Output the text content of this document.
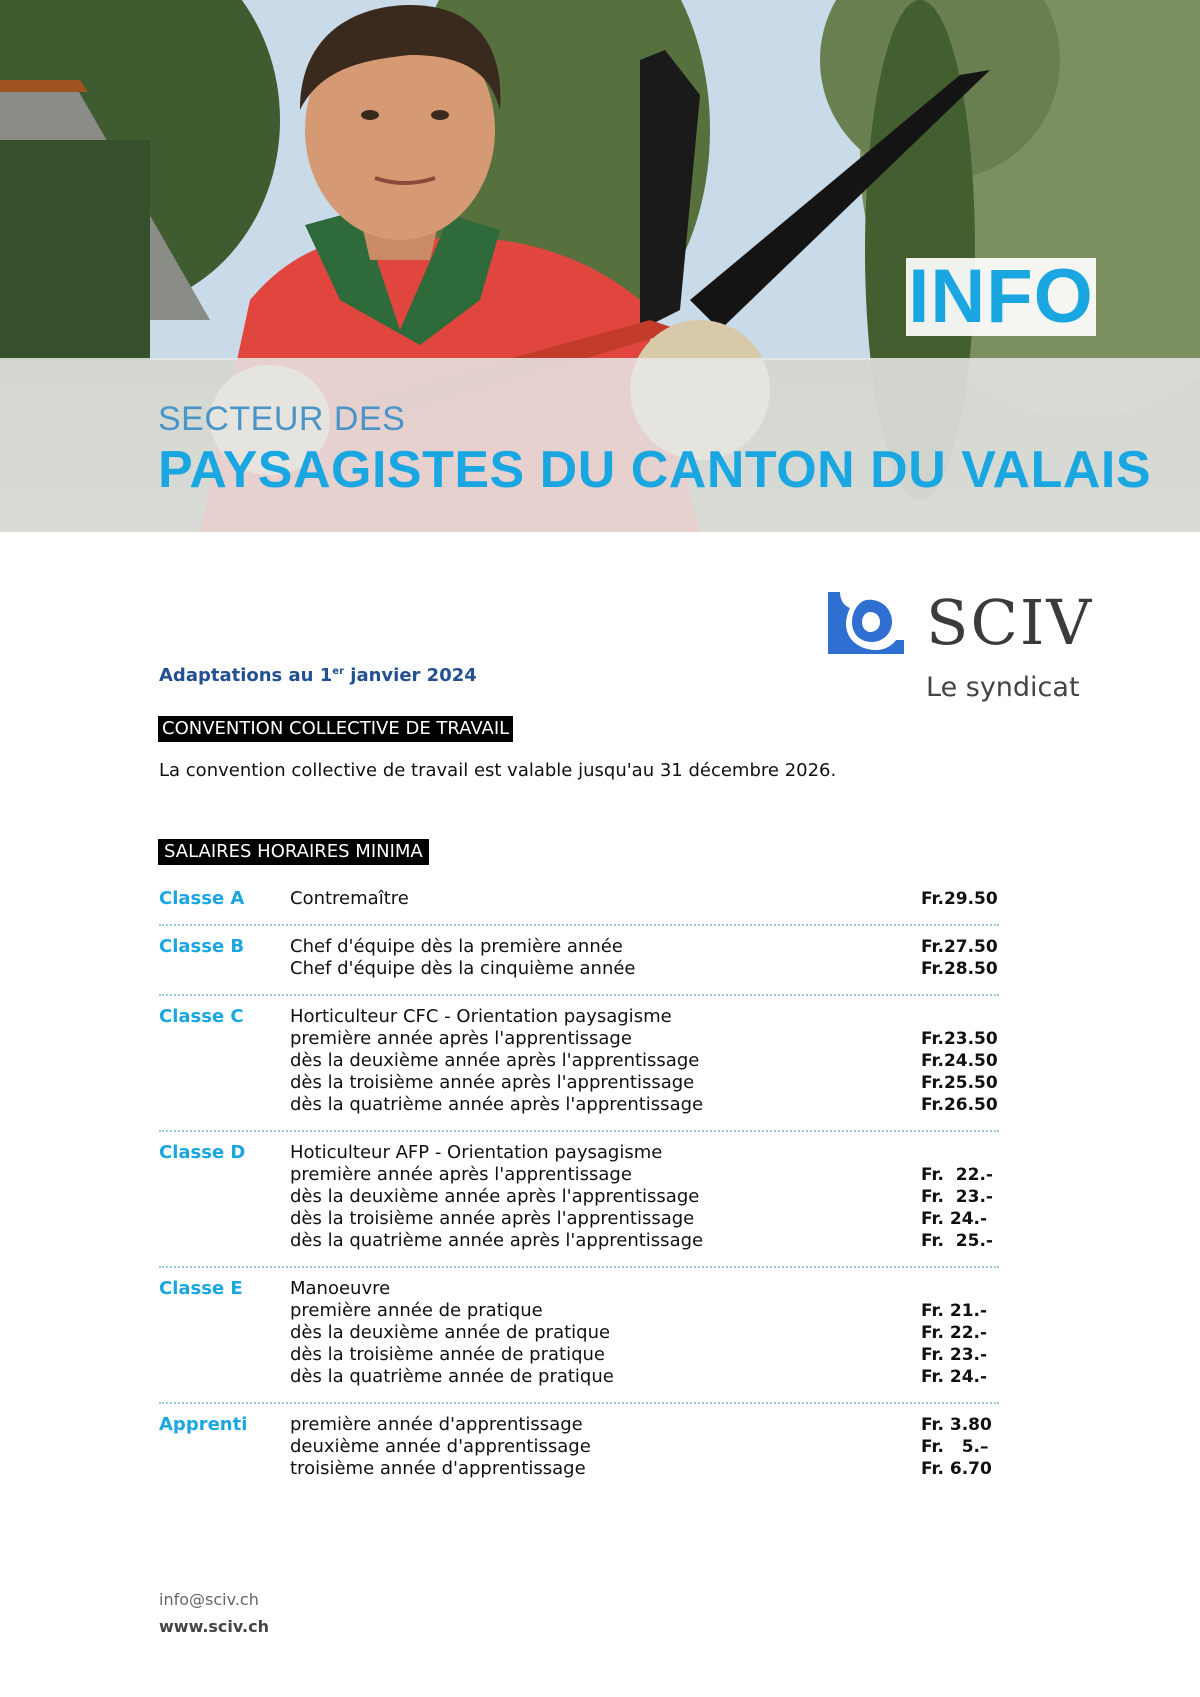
INFO
SECTEUR DES
PAYSAGISTES DU CANTON DU VALAIS
SCIV
Le syndicat
Adaptations au 1er janvier 2024
CONVENTION COLLECTIVE DE TRAVAIL
La convention collective de travail est valable jusqu'au 31 décembre 2026.
SALAIRES HORAIRES MINIMA
Classe A	Contremaître	Fr.29.50
Classe B	Chef d'équipe dès la première année	Fr.27.50
Chef d'équipe dès la cinquième année	Fr.28.50
Classe C	Horticulteur CFC - Orientation paysagisme
première année après l'apprentissage	Fr.23.50
dès la deuxième année après l'apprentissage	Fr.24.50
dès la troisième année après l'apprentissage	Fr.25.50
dès la quatrième année après l'apprentissage	Fr.26.50
Classe D Hoticulteur AFP - Orientation paysagisme
première année après l'apprentissage	Fr.  22.-
dès la deuxième année après l'apprentissage	Fr.  23.-
dès la troisième année après l'apprentissage	Fr. 24.-
dès la quatrième année après l'apprentissage	Fr.  25.-
Classe E	Manoeuvre
première année de pratique	Fr. 21.-
dès la deuxième année de pratique	Fr. 22.-
dès la troisième année de pratique	Fr. 23.-
dès la quatrième année de pratique	Fr. 24.-
Apprenti première année d'apprentissage	Fr. 3.80
deuxième année d'apprentissage	Fr.   5.–
troisième année d'apprentissage	Fr. 6.70
info@sciv.ch
www.sciv.ch
